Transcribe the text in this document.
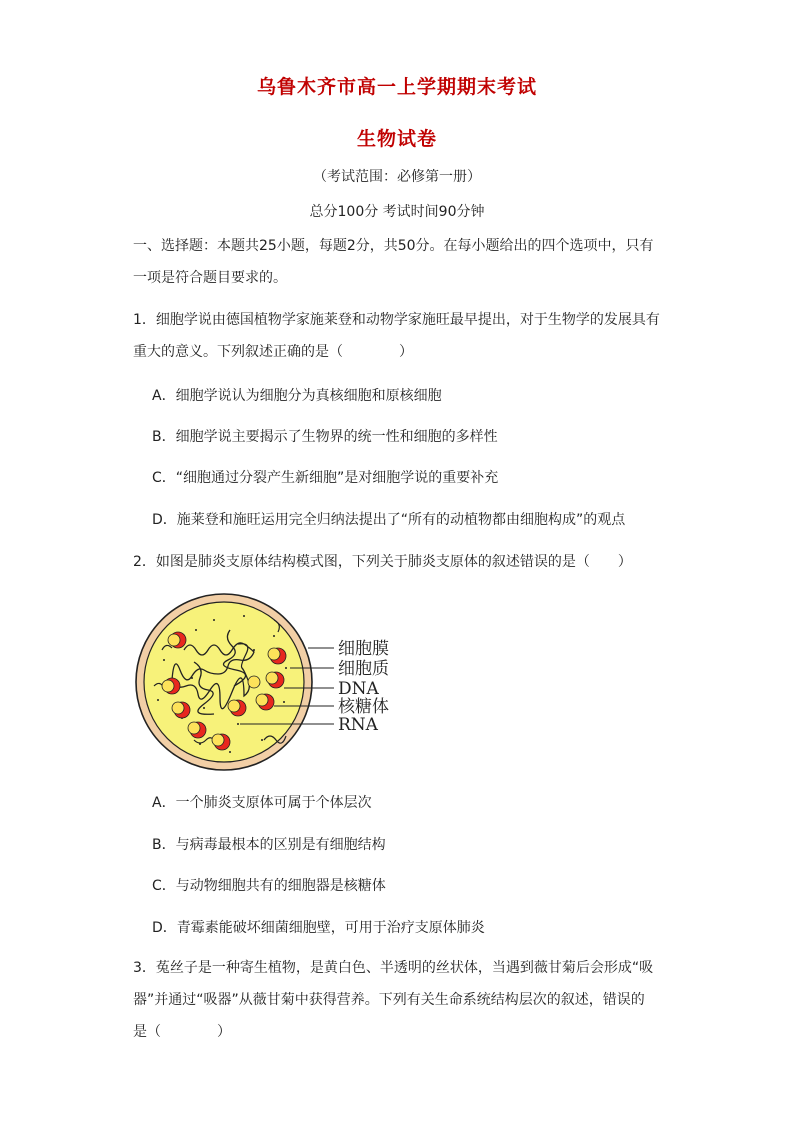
乌鲁木齐市高一上学期期末考试
生物试卷
（考试范围：必修第一册）
总分100分 考试时间90分钟
一、选择题：本题共25小题，每题2分，共50分。在每小题给出的四个选项中，只有
一项是符合题目要求的。
1．细胞学说由德国植物学家施莱登和动物学家施旺最早提出，对于生物学的发展具有
重大的意义。下列叙述正确的是（　　　　）
A．细胞学说认为细胞分为真核细胞和原核细胞
B．细胞学说主要揭示了生物界的统一性和细胞的多样性
C．“细胞通过分裂产生新细胞”是对细胞学说的重要补充
D．施莱登和施旺运用完全归纳法提出了“所有的动植物都由细胞构成”的观点
2．如图是肺炎支原体结构模式图，下列关于肺炎支原体的叙述错误的是（　　）
细胞膜
细胞质
DNA
核糖体
RNA
A．一个肺炎支原体可属于个体层次
B．与病毒最根本的区别是有细胞结构
C．与动物细胞共有的细胞器是核糖体
D．青霉素能破坏细菌细胞壁，可用于治疗支原体肺炎
3．菟丝子是一种寄生植物，是黄白色、半透明的丝状体，当遇到薇甘菊后会形成“吸
器”并通过“吸器”从薇甘菊中获得营养。下列有关生命系统结构层次的叙述，错误的
是（　　　　）
